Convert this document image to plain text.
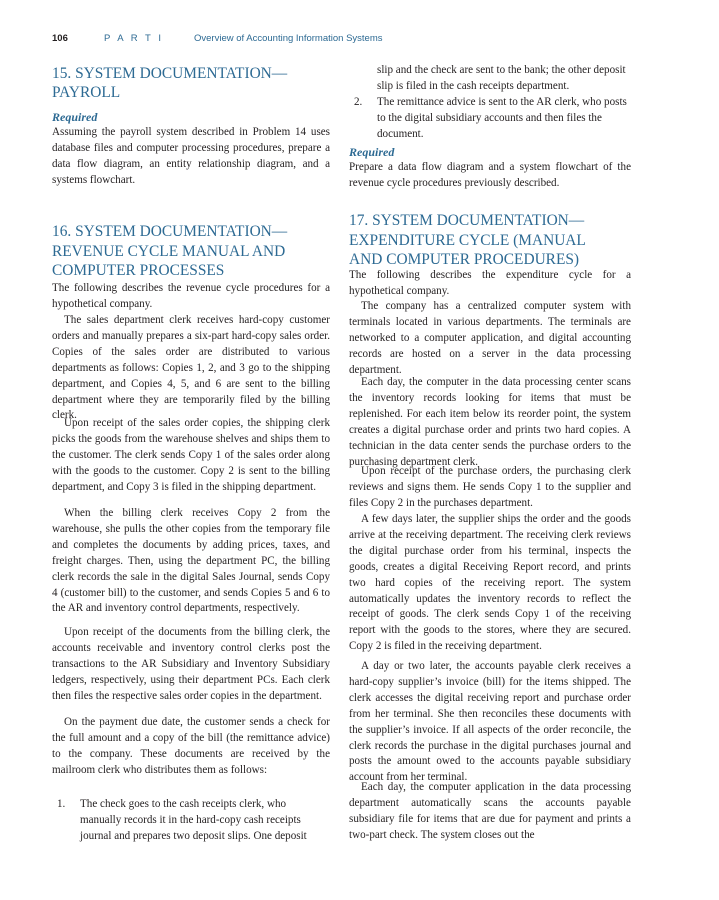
106	P A R T I	Overview of Accounting Information Systems
15. SYSTEM DOCUMENTATION—
PAYROLL

Required

Assuming the payroll system described in Problem 14 uses database files and computer processing procedures, prepare a data flow diagram, an entity relationship diagram, and a systems flowchart.

16. SYSTEM DOCUMENTATION—
REVENUE CYCLE MANUAL AND
COMPUTER PROCESSES

The following describes the revenue cycle procedures for a hypothetical company.

The sales department clerk receives hard-copy customer orders and manually prepares a six-part hard-copy sales order. Copies of the sales order are distributed to various departments as follows: Copies 1, 2, and 3 go to the shipping department, and Copies 4, 5, and 6 are sent to the billing department where they are temporarily filed by the billing clerk.

Upon receipt of the sales order copies, the shipping clerk picks the goods from the warehouse shelves and ships them to the customer. The clerk sends Copy 1 of the sales order along with the goods to the customer. Copy 2 is sent to the billing department, and Copy 3 is filed in the shipping department.

When the billing clerk receives Copy 2 from the warehouse, she pulls the other copies from the temporary file and completes the documents by adding prices, taxes, and freight charges. Then, using the department PC, the billing clerk records the sale in the digital Sales Journal, sends Copy 4 (customer bill) to the customer, and sends Copies 5 and 6 to the AR and inventory control departments, respectively.

Upon receipt of the documents from the billing clerk, the accounts receivable and inventory control clerks post the transactions to the AR Subsidiary and Inventory Subsidiary ledgers, respectively, using their department PCs. Each clerk then files the respective sales order copies in the department.

On the payment due date, the customer sends a check for the full amount and a copy of the bill (the remittance advice) to the company. These documents are received by the mailroom clerk who distributes them as follows:

1. The check goes to the cash receipts clerk, who manually records it in the hard-copy cash receipts journal and prepares two deposit slips. One deposit

slip and the check are sent to the bank; the other deposit slip is filed in the cash receipts department.

2. The remittance advice is sent to the AR clerk, who posts to the digital subsidiary accounts and then files the document.

Required

Prepare a data flow diagram and a system flowchart of the revenue cycle procedures previously described.

17. SYSTEM DOCUMENTATION—
EXPENDITURE CYCLE (MANUAL
AND COMPUTER PROCEDURES)

The following describes the expenditure cycle for a hypothetical company.

The company has a centralized computer system with terminals located in various departments. The terminals are networked to a computer application, and digital accounting records are hosted on a server in the data processing department.

Each day, the computer in the data processing center scans the inventory records looking for items that must be replenished. For each item below its reorder point, the system creates a digital purchase order and prints two hard copies. A technician in the data center sends the purchase orders to the purchasing department clerk.

Upon receipt of the purchase orders, the purchasing clerk reviews and signs them. He sends Copy 1 to the supplier and files Copy 2 in the purchases department.

A few days later, the supplier ships the order and the goods arrive at the receiving department. The receiving clerk reviews the digital purchase order from his terminal, inspects the goods, creates a digital Receiving Report record, and prints two hard copies of the receiving report. The system automatically updates the inventory records to reflect the receipt of goods. The clerk sends Copy 1 of the receiving report with the goods to the stores, where they are secured. Copy 2 is filed in the receiving department.

A day or two later, the accounts payable clerk receives a hard-copy supplier’s invoice (bill) for the items shipped. The clerk accesses the digital receiving report and purchase order from her terminal. She then reconciles these documents with the supplier’s invoice. If all aspects of the order reconcile, the clerk records the purchase in the digital purchases journal and posts the amount owed to the accounts payable subsidiary account from her terminal.

Each day, the computer application in the data processing department automatically scans the accounts payable subsidiary file for items that are due for payment and prints a two-part check. The system closes out the
